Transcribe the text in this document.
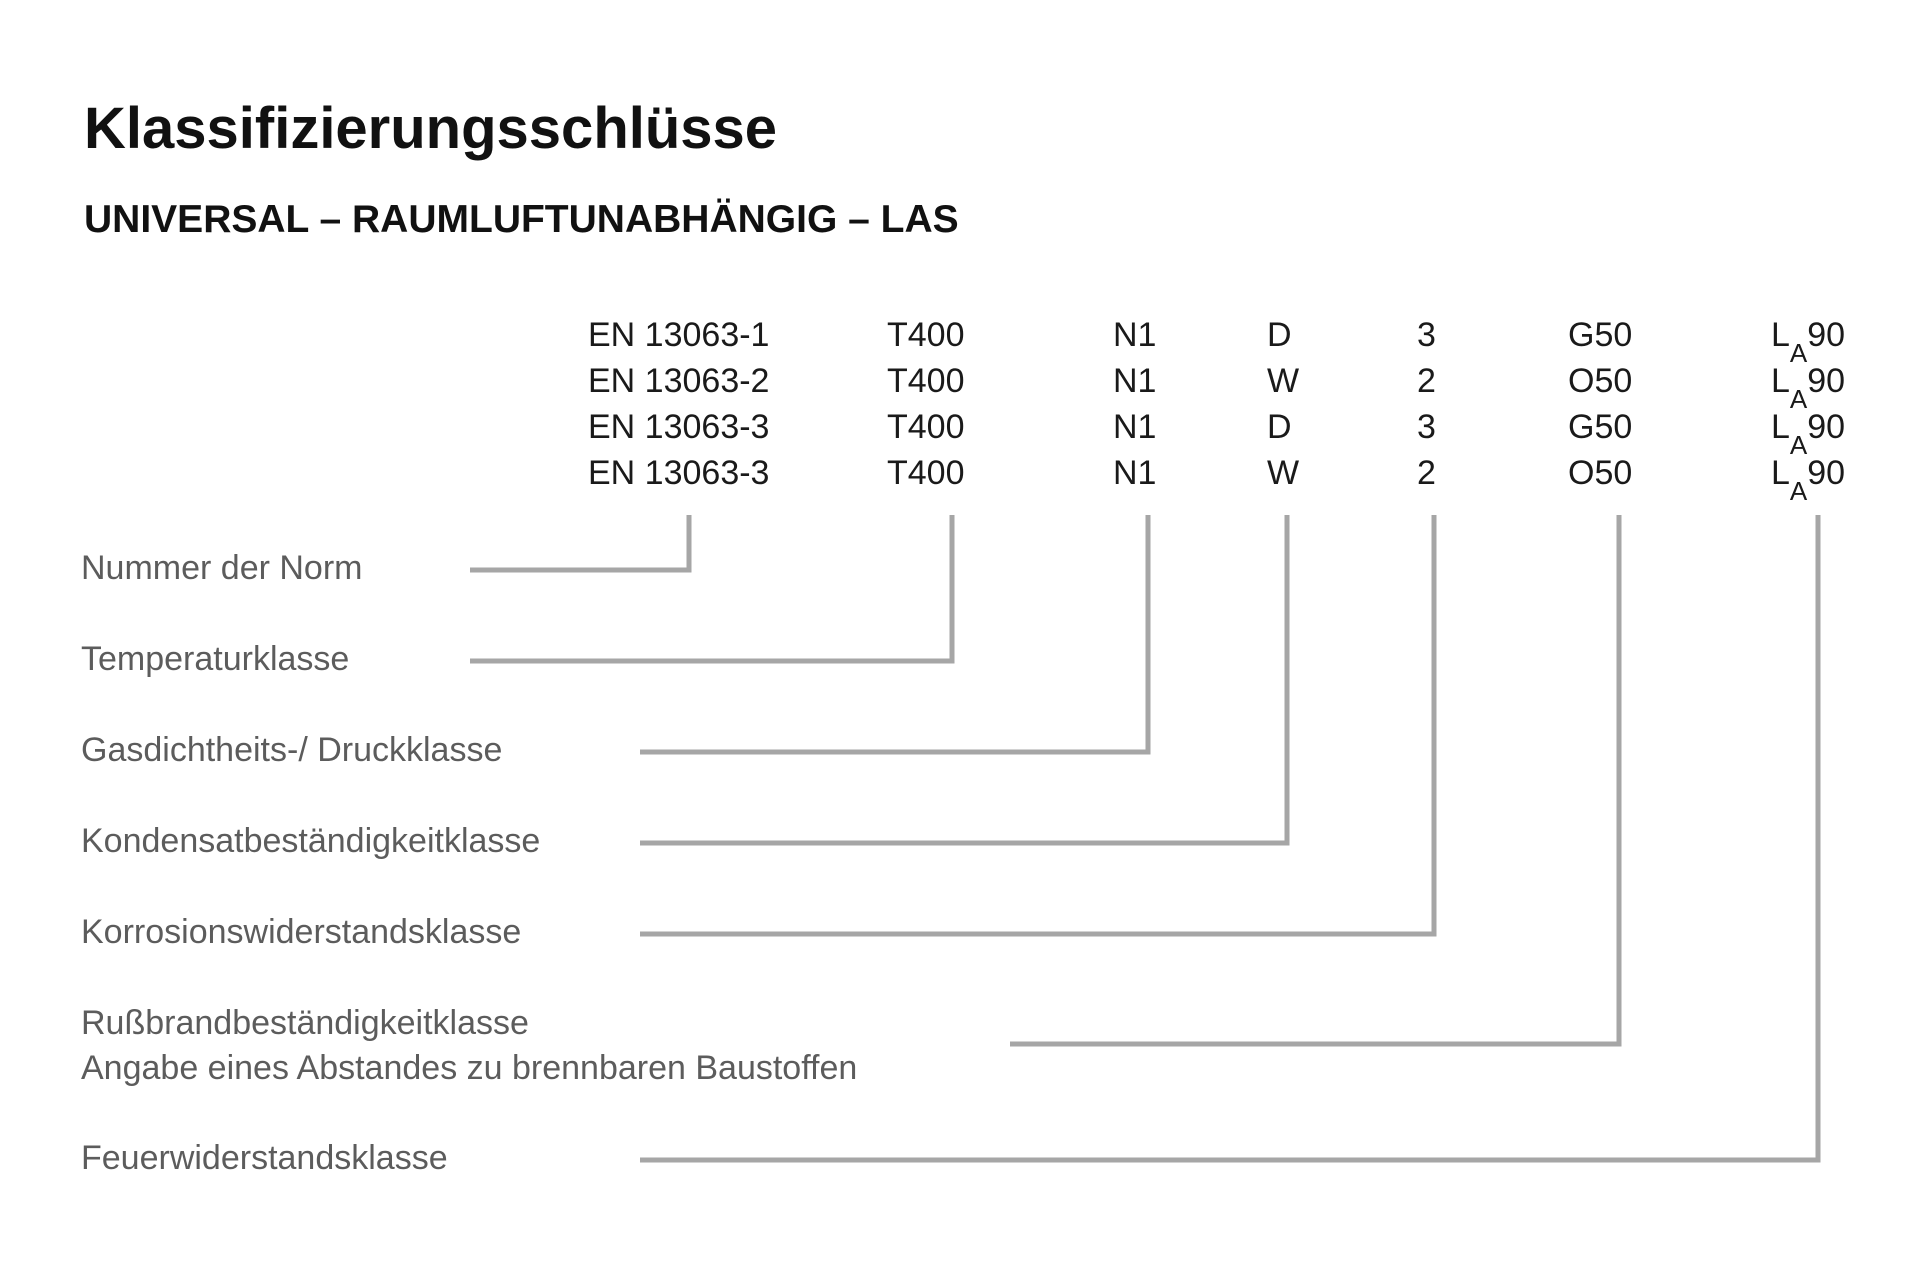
Klassifizierungsschlüsse
UNIVERSAL – RAUMLUFTUNABHÄNGIG – LAS
EN 13063-1	T400	N1	D	3	G50	$L_A90$
EN 13063-2	T400	N1	W	2	O50	$L_A90$
EN 13063-3	T400	N1	D	3	G50	$L_A90$
EN 13063-3	T400	N1	W	2	O50	$L_A90$
Nummer der Norm
Temperaturklasse
Gasdichtheits-/ Druckklasse
Kondensatbeständigkeitklasse
Korrosionswiderstandsklasse
Rußbrandbeständigkeitklasse
Angabe eines Abstandes zu brennbaren Baustoffen
Feuerwiderstandsklasse
